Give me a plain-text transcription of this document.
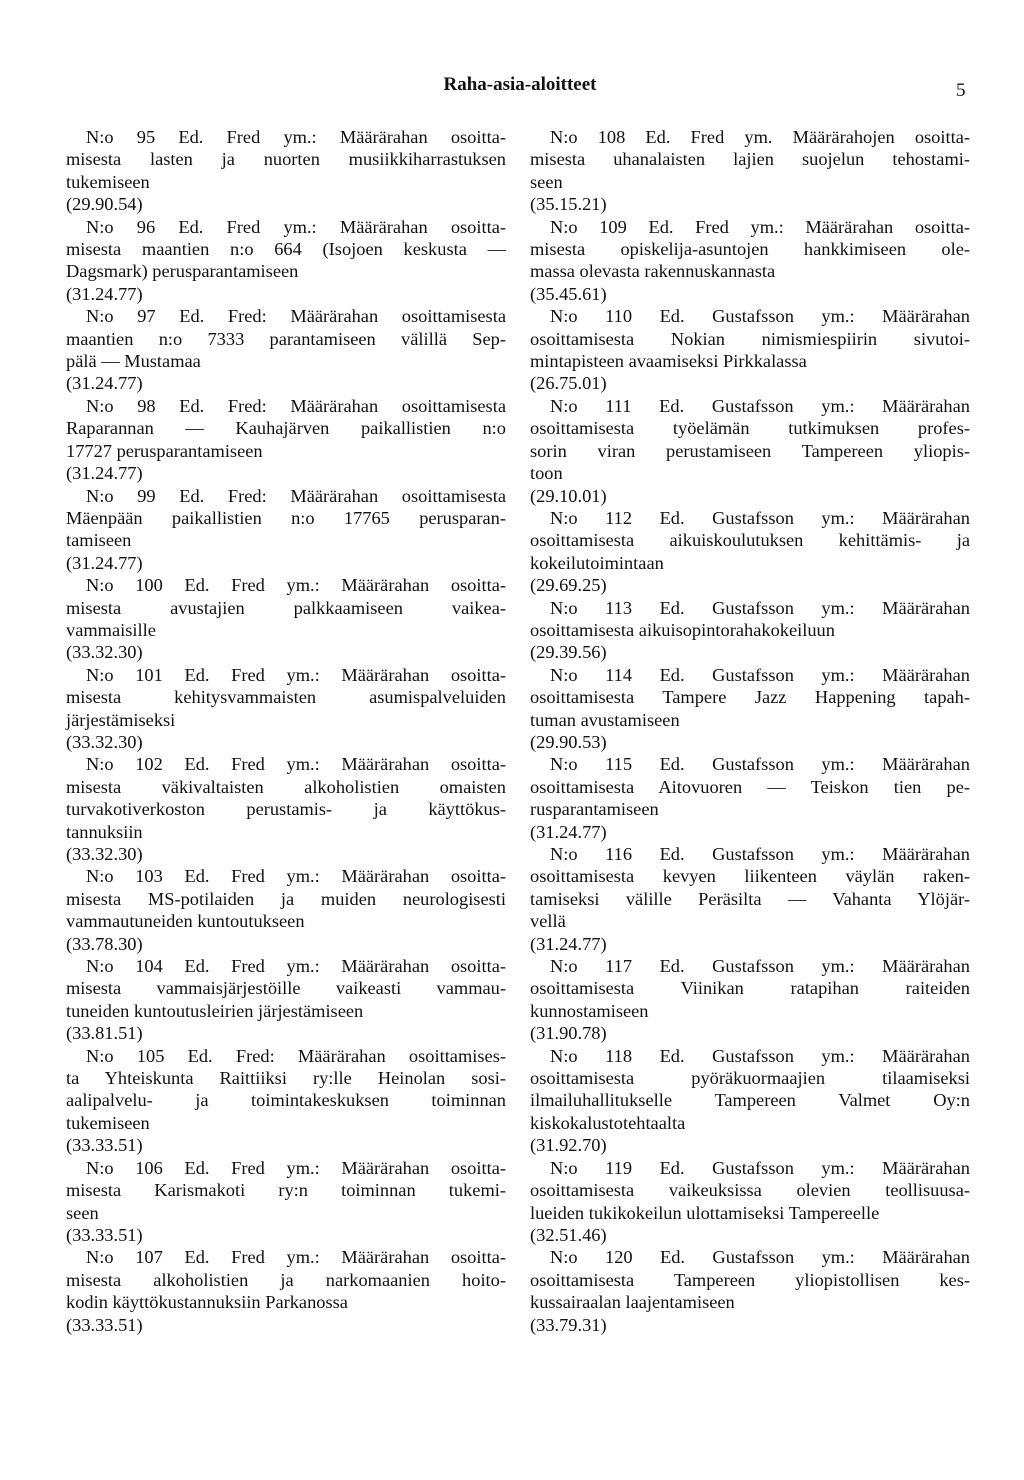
Raha-asia-aloitteet	5
N:o 95 Ed. Fred ym.: Määrärahan osoitta-
misesta lasten ja nuorten musiikkiharrastuksen
tukemiseen
(29.90.54)
N:o 96 Ed. Fred ym.: Määrärahan osoitta-
misesta maantien n:o 664 (Isojoen keskusta —
Dagsmark) perusparantamiseen
(31.24.77)
N:o 97 Ed. Fred: Määrärahan osoittamisesta
maantien n:o 7333 parantamiseen välillä Sep-
pälä — Mustamaa
(31.24.77)
N:o 98 Ed. Fred: Määrärahan osoittamisesta
Raparannan — Kauhajärven paikallistien n:o
17727 perusparantamiseen
(31.24.77)
N:o 99 Ed. Fred: Määrärahan osoittamisesta
Mäenpään paikallistien n:o 17765 perusparan-
tamiseen
(31.24.77)
N:o 100 Ed. Fred ym.: Määrärahan osoitta-
misesta avustajien palkkaamiseen vaikea-
vammaisille
(33.32.30)
N:o 101 Ed. Fred ym.: Määrärahan osoitta-
misesta kehitysvammaisten asumispalveluiden
järjestämiseksi
(33.32.30)
N:o 102 Ed. Fred ym.: Määrärahan osoitta-
misesta väkivaltaisten alkoholistien omaisten
turvakotiverkoston perustamis- ja käyttökus-
tannuksiin
(33.32.30)
N:o 103 Ed. Fred ym.: Määrärahan osoitta-
misesta MS-potilaiden ja muiden neurologisesti
vammautuneiden kuntoutukseen
(33.78.30)
N:o 104 Ed. Fred ym.: Määrärahan osoitta-
misesta vammaisjärjestöille vaikeasti vammau-
tuneiden kuntoutusleirien järjestämiseen
(33.81.51)
N:o 105 Ed. Fred: Määrärahan osoittamises-
ta Yhteiskunta Raittiiksi ry:lle Heinolan sosi-
aalipalvelu- ja toimintakeskuksen toiminnan
tukemiseen
(33.33.51)
N:o 106 Ed. Fred ym.: Määrärahan osoitta-
misesta Karismakoti ry:n toiminnan tukemi-
seen
(33.33.51)
N:o 107 Ed. Fred ym.: Määrärahan osoitta-
misesta alkoholistien ja narkomaanien hoito-
kodin käyttökustannuksiin Parkanossa
(33.33.51)
N:o 108 Ed. Fred ym. Määrärahojen osoitta-
misesta uhanalaisten lajien suojelun tehostami-
seen
(35.15.21)
N:o 109 Ed. Fred ym.: Määrärahan osoitta-
misesta opiskelija-asuntojen hankkimiseen ole-
massa olevasta rakennuskannasta
(35.45.61)
N:o 110 Ed. Gustafsson ym.: Määrärahan
osoittamisesta Nokian nimismiespiirin sivutoi-
mintapisteen avaamiseksi Pirkkalassa
(26.75.01)
N:o 111 Ed. Gustafsson ym.: Määrärahan
osoittamisesta työelämän tutkimuksen profes-
sorin viran perustamiseen Tampereen yliopis-
toon
(29.10.01)
N:o 112 Ed. Gustafsson ym.: Määrärahan
osoittamisesta aikuiskoulutuksen kehittämis- ja
kokeilutoimintaan
(29.69.25)
N:o 113 Ed. Gustafsson ym.: Määrärahan
osoittamisesta aikuisopintorahakokeiluun
(29.39.56)
N:o 114 Ed. Gustafsson ym.: Määrärahan
osoittamisesta Tampere Jazz Happening tapah-
tuman avustamiseen
(29.90.53)
N:o 115 Ed. Gustafsson ym.: Määrärahan
osoittamisesta Aitovuoren — Teiskon tien pe-
rusparantamiseen
(31.24.77)
N:o 116 Ed. Gustafsson ym.: Määrärahan
osoittamisesta kevyen liikenteen väylän raken-
tamiseksi välille Peräsilta — Vahanta Ylöjär-
vellä
(31.24.77)
N:o 117 Ed. Gustafsson ym.: Määrärahan
osoittamisesta Viinikan ratapihan raiteiden
kunnostamiseen
(31.90.78)
N:o 118 Ed. Gustafsson ym.: Määrärahan
osoittamisesta pyöräkuormaajien tilaamiseksi
ilmailuhallitukselle Tampereen Valmet Oy:n
kiskokalustotehtaalta
(31.92.70)
N:o 119 Ed. Gustafsson ym.: Määrärahan
osoittamisesta vaikeuksissa olevien teollisuusa-
lueiden tukikokeilun ulottamiseksi Tampereelle
(32.51.46)
N:o 120 Ed. Gustafsson ym.: Määrärahan
osoittamisesta Tampereen yliopistollisen kes-
kussairaalan laajentamiseen
(33.79.31)
